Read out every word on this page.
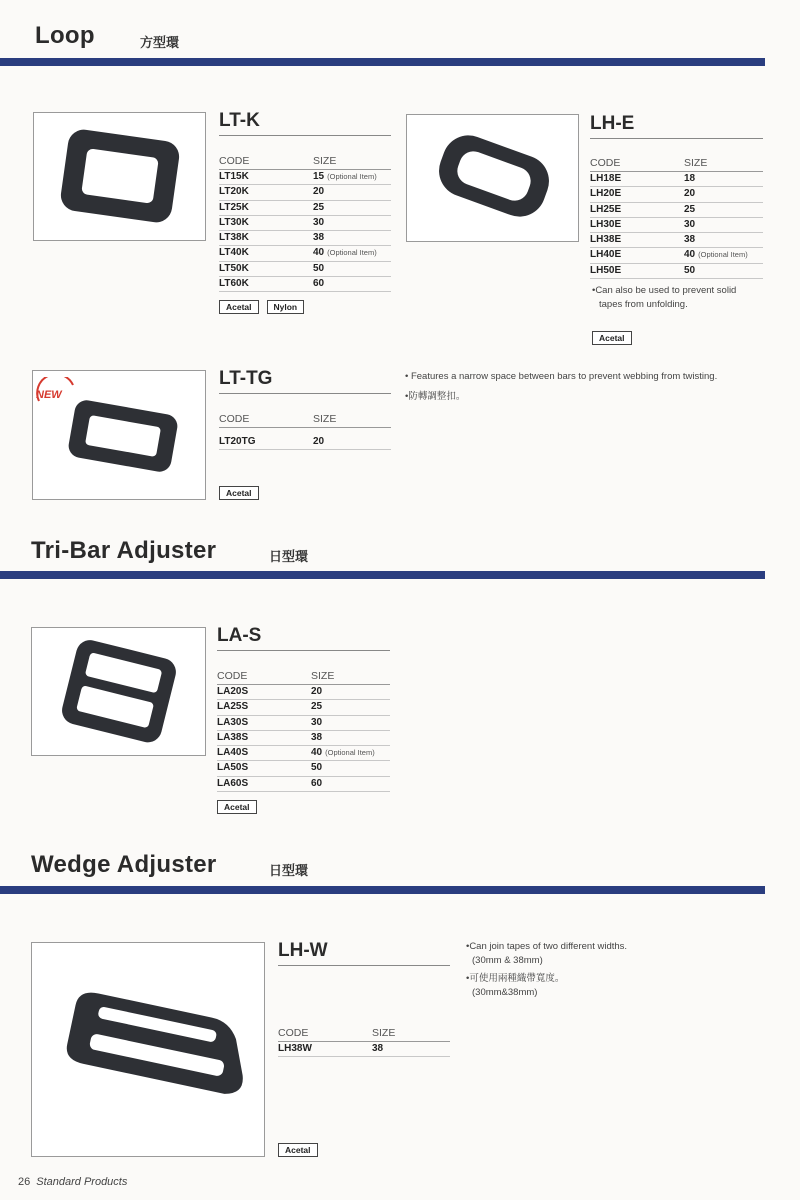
Loop	方型環
LT-K
CODE	SIZE
LT15K	15 (Optional Item)
LT20K	20
LT25K	25
LT30K	30
LT38K	38
LT40K	40 (Optional Item)
LT50K	50
LT60K	60
Acetal	Nylon
LH-E
CODE	SIZE
LH18E	18
LH20E	20
LH25E	25
LH30E	30
LH38E	38
LH40E	40 (Optional Item)
LH50E	50
•Can also be used to prevent solid
tapes from unfolding.
Acetal
NEW
LT-TG
CODE	SIZE
LT20TG	20
• Features a narrow space between bars to prevent webbing from twisting.
•防轉調整扣。
Acetal
Tri-Bar Adjuster	日型環
LA-S
CODE	SIZE
LA20S	20
LA25S	25
LA30S	30
LA38S	38
LA40S	40 (Optional Item)
LA50S	50
LA60S	60
Acetal
Wedge Adjuster	日型環
LH-W
CODE	SIZE
LH38W	38
•Can join tapes of two different widths.
(30mm & 38mm)
•可使用兩種織帶寬度。
(30mm&38mm)
Acetal
26 Standard Products
